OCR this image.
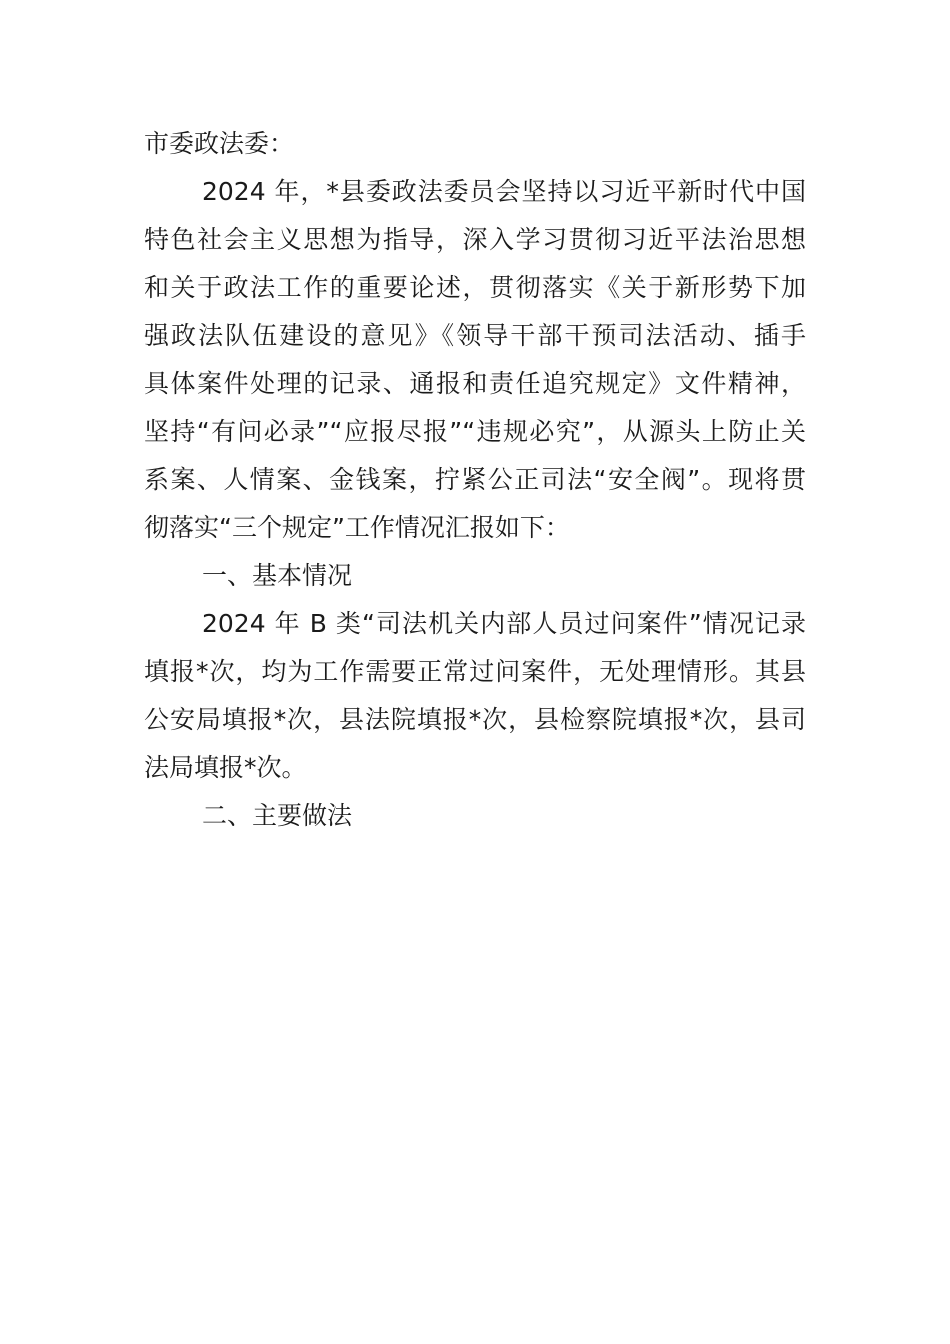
市委政法委：
2024 年，*县委政法委员会坚持以习近平新时代中国
特色社会主义思想为指导，深入学习贯彻习近平法治思想
和关于政法工作的重要论述，贯彻落实《关于新形势下加
强政法队伍建设的意见》《领导干部干预司法活动、插手
具体案件处理的记录、通报和责任追究规定》文件精神，
坚持“有问必录”“应报尽报”“违规必究”，从源头上防止关
系案、人情案、金钱案，拧紧公正司法“安全阀”。现将贯
彻落实“三个规定”工作情况汇报如下：
一、基本情况
2024 年 B 类“司法机关内部人员过问案件”情况记录
填报*次，均为工作需要正常过问案件，无处理情形。其县
公安局填报*次，县法院填报*次，县检察院填报*次，县司
法局填报*次。
二、主要做法
